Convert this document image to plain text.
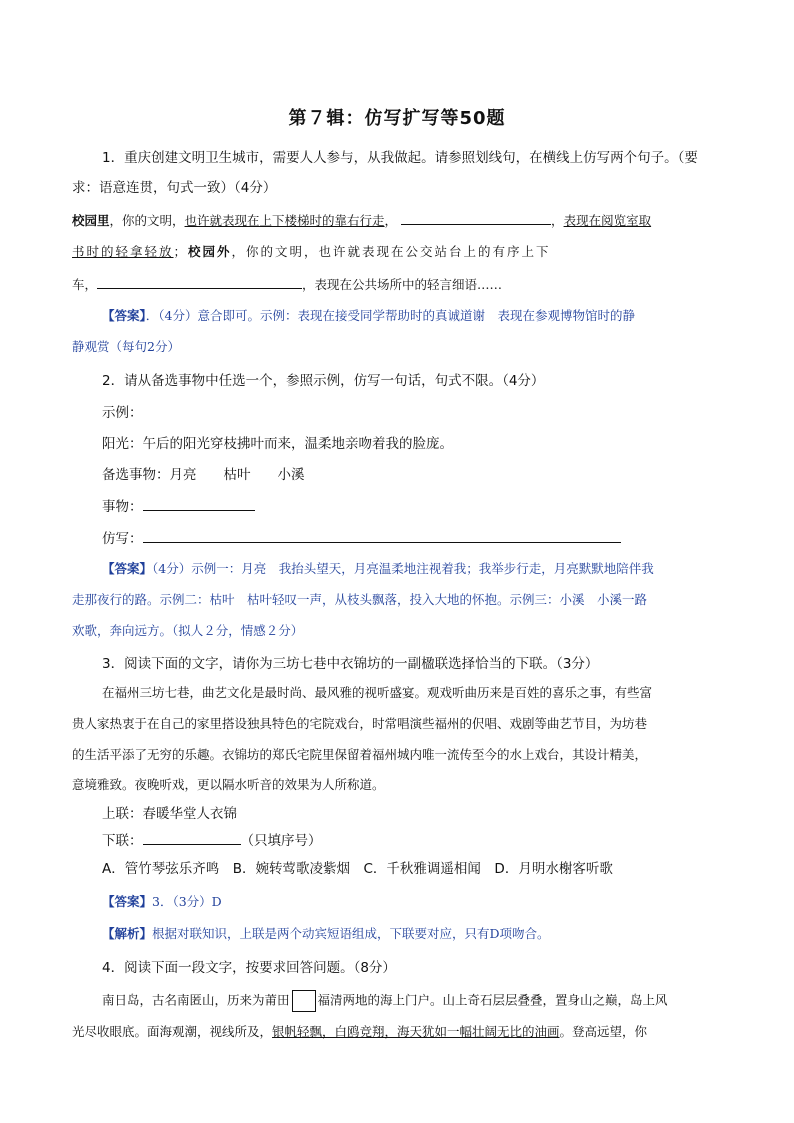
第７辑：仿写扩写等50题
1．重庆创建文明卫生城市，需要人人参与，从我做起。请参照划线句，在横线上仿写两个句子。（要
求：语意连贯，句式一致）（4分）
校园里，你的文明，也许就表现在上下楼梯时的靠右行走，	，表现在阅览室取
书时的轻拿轻放；校园外，你的文明，也许就表现在公交站台上的有序上下
车，	，表现在公共场所中的轻言细语……
【答案】．（4分）意合即可。示例：表现在接受同学帮助时的真诚道谢　表现在参观博物馆时的静
静观赏（每句2分）
2．请从备选事物中任选一个，参照示例，仿写一句话，句式不限。（4分）
示例：
阳光：午后的阳光穿枝拂叶而来，温柔地亲吻着我的脸庞。
备选事物：月亮　　枯叶　　小溪
事物：
仿写：
【答案】（4分）示例一：月亮　我抬头望天，月亮温柔地注视着我；我举步行走，月亮默默地陪伴我
走那夜行的路。示例二：枯叶　枯叶轻叹一声，从枝头飘落，投入大地的怀抱。示例三：小溪　小溪一路
欢歌，奔向远方。（拟人２分，情感２分）
3．阅读下面的文字，请你为三坊七巷中衣锦坊的一副楹联选择恰当的下联。（3分）
在福州三坊七巷，曲艺文化是最时尚、最风雅的视听盛宴。观戏听曲历来是百姓的喜乐之事，有些富
贵人家热衷于在自己的家里搭设独具特色的宅院戏台，时常唱演些福州的伬唱、戏剧等曲艺节目，为坊巷
的生活平添了无穷的乐趣。衣锦坊的郑氏宅院里保留着福州城内唯一流传至今的水上戏台，其设计精美，
意境雅致。夜晚听戏，更以隔水听音的效果为人所称道。
上联：春暖华堂人衣锦
下联：	（只填序号）
A．管竹琴弦乐齐鸣　B．婉转莺歌凌紫烟　C．千秋雅调遥相闻　D．月明水榭客听歌
【答案】3．（3分）D
【解析】根据对联知识，上联是两个动宾短语组成，下联要对应，只有D项吻合。
4．阅读下面一段文字，按要求回答问题。（8分）
南日岛，古名南匿山，历来为莆田 福清两地的海上门户。山上奇石层层叠叠，置身山之巅，岛上风
光尽收眼底。面海观潮，视线所及，银帆轻飘，白鸥竞翔，海天犹如一幅壮阔无比的油画。登高远望，你
